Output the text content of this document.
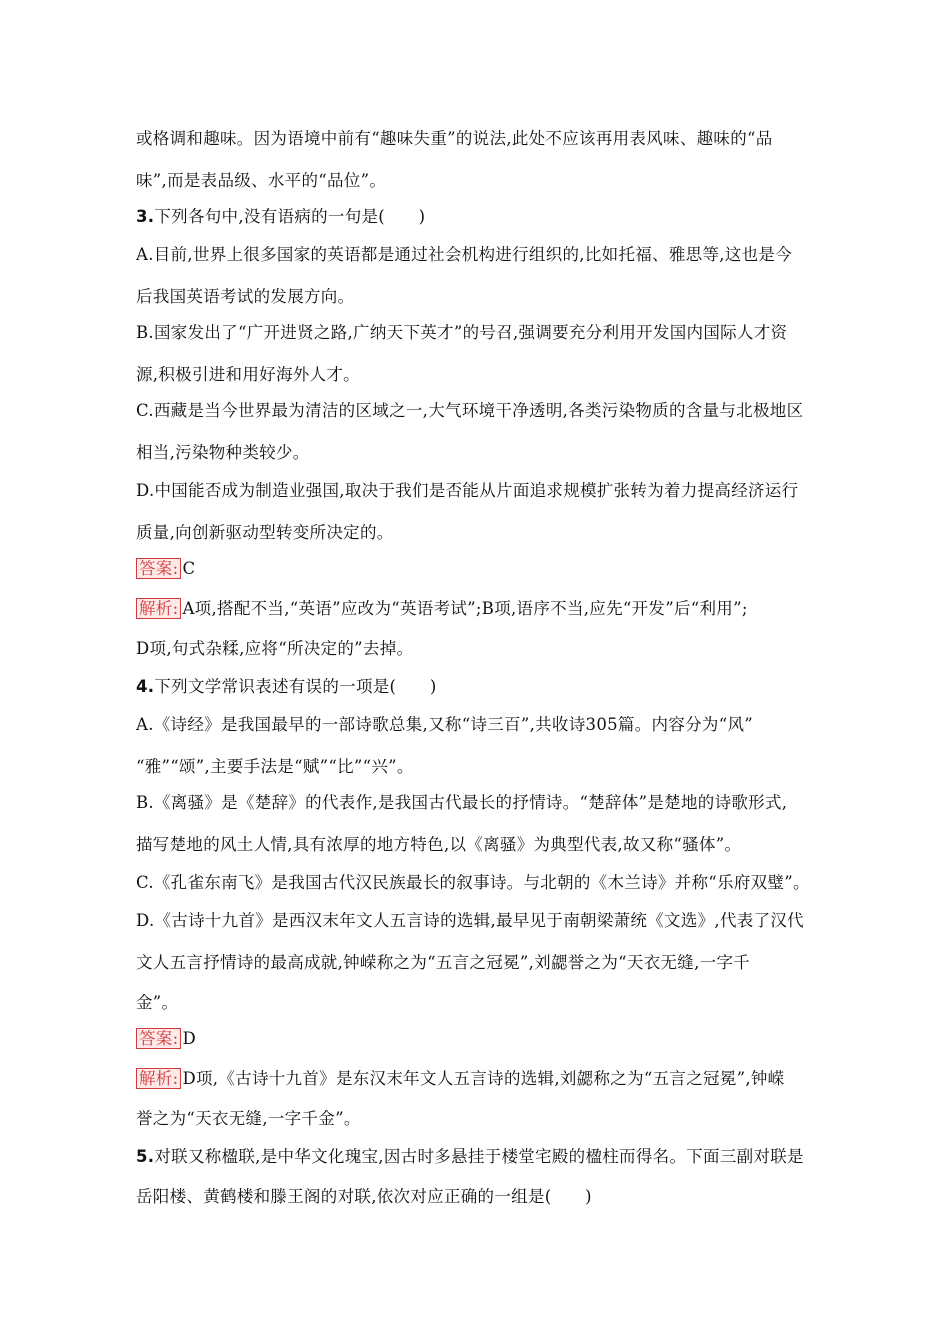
或格调和趣味。因为语境中前有“趣味失重”的说法,此处不应该再用表风味、趣味的“品
味”,而是表品级、水平的“品位”。
3.下列各句中,没有语病的一句是(　　)
A.目前,世界上很多国家的英语都是通过社会机构进行组织的,比如托福、雅思等,这也是今
后我国英语考试的发展方向。
B.国家发出了“广开进贤之路,广纳天下英才”的号召,强调要充分利用开发国内国际人才资
源,积极引进和用好海外人才。
C.西藏是当今世界最为清洁的区域之一,大气环境干净透明,各类污染物质的含量与北极地区
相当,污染物种类较少。
D.中国能否成为制造业强国,取决于我们是否能从片面追求规模扩张转为着力提高经济运行
质量,向创新驱动型转变所决定的。
答案: C
解析: A项,搭配不当,“英语”应改为“英语考试”;B项,语序不当,应先“开发”后“利用”;
D项,句式杂糅,应将“所决定的”去掉。
4.下列文学常识表述有误的一项是(　　)
A.《诗经》是我国最早的一部诗歌总集,又称“诗三百”,共收诗305篇。内容分为“风”
“雅”“颂”,主要手法是“赋”“比”“兴”。
B.《离骚》是《楚辞》的代表作,是我国古代最长的抒情诗。“楚辞体”是楚地的诗歌形式,
描写楚地的风土人情,具有浓厚的地方特色,以《离骚》为典型代表,故又称“骚体”。
C.《孔雀东南飞》是我国古代汉民族最长的叙事诗。与北朝的《木兰诗》并称“乐府双璧”。
D.《古诗十九首》是西汉末年文人五言诗的选辑,最早见于南朝梁萧统《文选》,代表了汉代
文人五言抒情诗的最高成就,钟嵘称之为“五言之冠冕”,刘勰誉之为“天衣无缝,一字千
金”。
答案: D
解析: D项,《古诗十九首》是东汉末年文人五言诗的选辑,刘勰称之为“五言之冠冕”,钟嵘
誉之为“天衣无缝,一字千金”。
5.对联又称楹联,是中华文化瑰宝,因古时多悬挂于楼堂宅殿的楹柱而得名。下面三副对联是
岳阳楼、黄鹤楼和滕王阁的对联,依次对应正确的一组是(　　)
